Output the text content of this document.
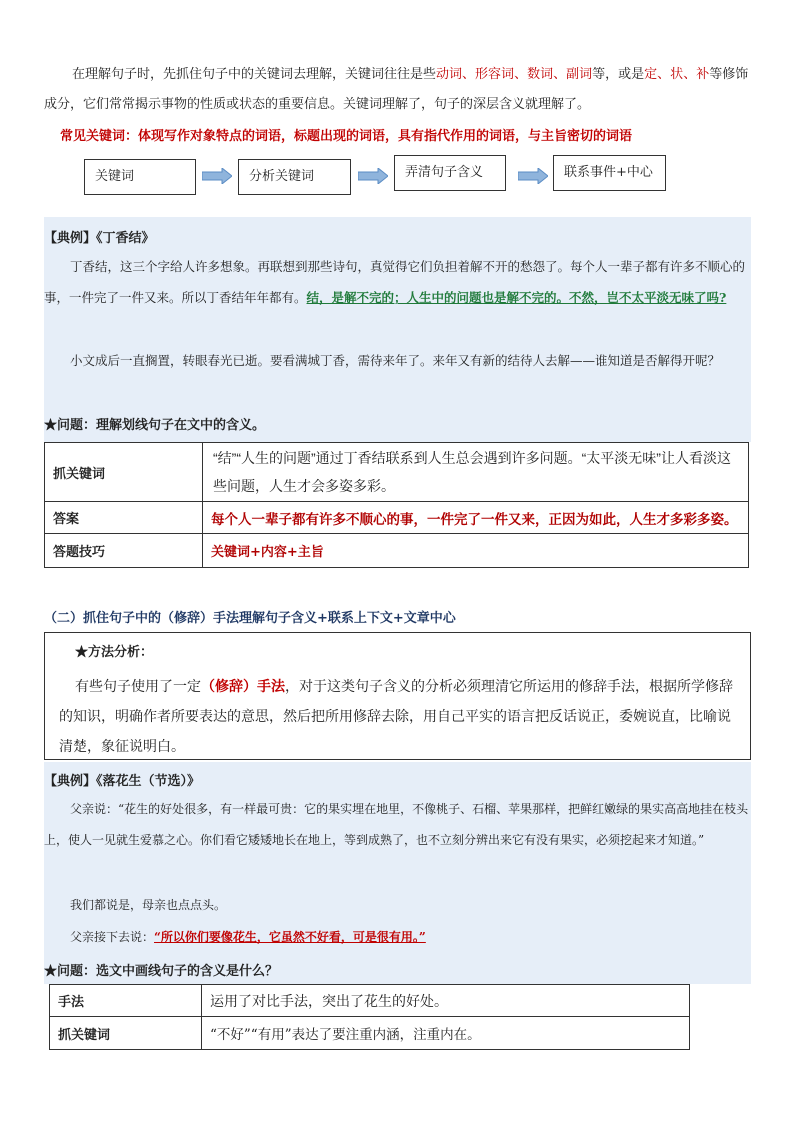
在理解句子时，先抓住句子中的关键词去理解，关键词往往是些动词、形容词、数词、副词等，或是定、状、补等修饰成分，它们常常揭示事物的性质或状态的重要信息。关键词理解了，句子的深层含义就理解了。
常见关键词：体现写作对象特点的词语，标题出现的词语，具有指代作用的词语，与主旨密切的词语
关键词	分析关键词	弄清句子含义	联系事件+中心
【典例】《丁香结》
丁香结，这三个字给人许多想象。再联想到那些诗句，真觉得它们负担着解不开的愁怨了。每个人一辈子都有许多不顺心的事，一件完了一件又来。所以丁香结年年都有。结，是解不完的；人生中的问题也是解不完的。不然，岂不太平淡无味了吗?
小文成后一直搁置，转眼春光已逝。要看满城丁香，需待来年了。来年又有新的结待人去解——谁知道是否解得开呢？
★问题：理解划线句子在文中的含义。
抓关键词	“结”“人生的问题”通过丁香结联系到人生总会遇到许多问题。“太平淡无味”让人看淡这些问题，人生才会多姿多彩。
答案	每个人一辈子都有许多不顺心的事，一件完了一件又来，正因为如此，人生才多彩多姿。
答题技巧	关键词+内容+主旨
（二）抓住句子中的（修辞）手法理解句子含义+联系上下文+文章中心
★方法分析：
有些句子使用了一定（修辞）手法，对于这类句子含义的分析必须理清它所运用的修辞手法，根据所学修辞的知识，明确作者所要表达的意思，然后把所用修辞去除，用自己平实的语言把反话说正，委婉说直，比喻说清楚，象征说明白。
【典例】《落花生（节选）》
父亲说：“花生的好处很多，有一样最可贵：它的果实埋在地里，不像桃子、石榴、苹果那样，把鲜红嫩绿的果实高高地挂在枝头上，使人一见就生爱慕之心。你们看它矮矮地长在地上，等到成熟了，也不立刻分辨出来它有没有果实，必须挖起来才知道。”
我们都说是，母亲也点点头。
父亲接下去说：“所以你们要像花生，它虽然不好看，可是很有用。”
★问题：选文中画线句子的含义是什么？
手法	运用了对比手法，突出了花生的好处。
抓关键词	“不好”“有用”表达了要注重内涵，注重内在。
